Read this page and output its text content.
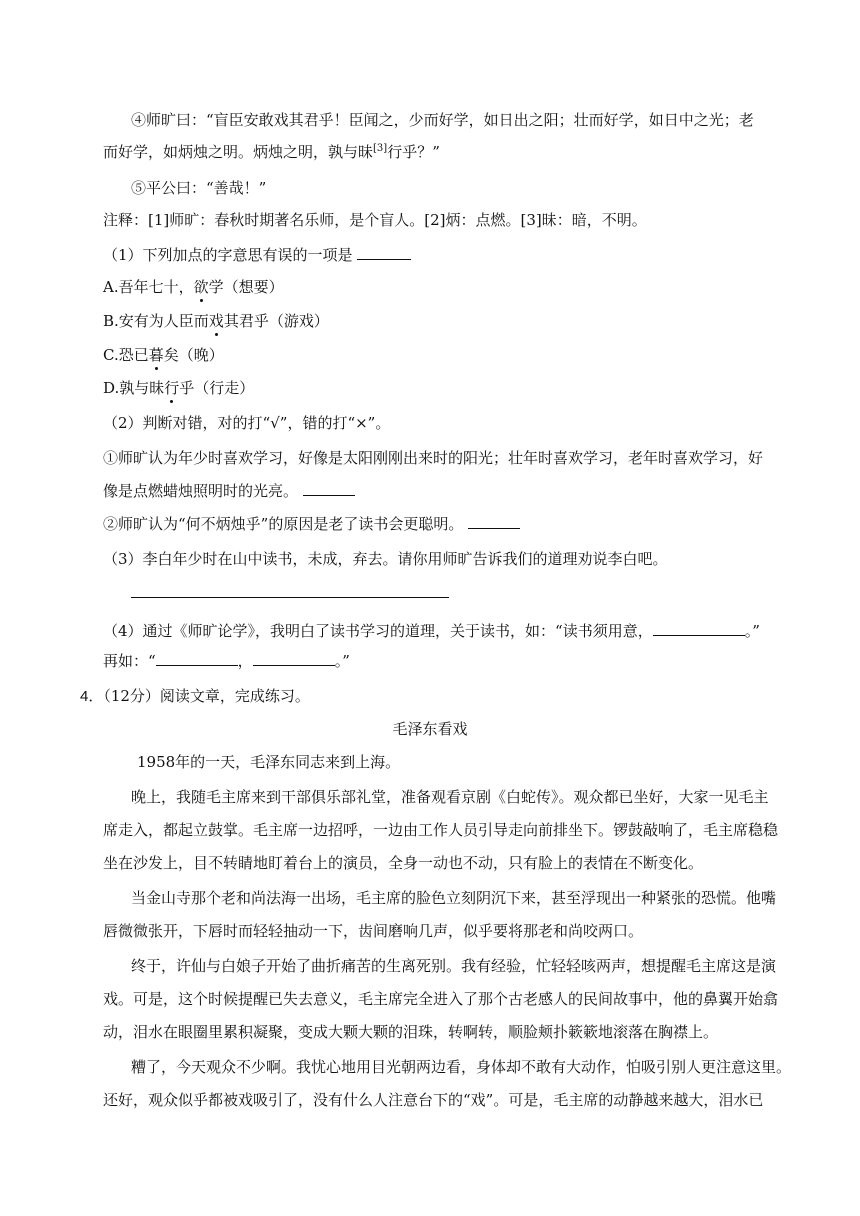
④师旷曰：“盲臣安敢戏其君乎！臣闻之，少而好学，如日出之阳；壮而好学，如日中之光；老
而好学，如炳烛之明。炳烛之明，孰与昧[3]行乎？”
⑤平公曰：“善哉！”
注释：[1]师旷：春秋时期著名乐师，是个盲人。[2]炳：点燃。[3]昧：暗，不明。
（1）下列加点的字意思有误的一项是
A.吾年七十，欲学（想要）
B.安有为人臣而戏其君乎（游戏）
C.恐已暮矣（晚）
D.孰与昧行乎（行走）
（2）判断对错，对的打“√”，错的打“×”。
①师旷认为年少时喜欢学习，好像是太阳刚刚出来时的阳光；壮年时喜欢学习，老年时喜欢学习，好
像是点燃蜡烛照明时的光亮。
②师旷认为“何不炳烛乎”的原因是老了读书会更聪明。
（3）李白年少时在山中读书，未成，弃去。请你用师旷告诉我们的道理劝说李白吧。
（4）通过《师旷论学》，我明白了读书学习的道理，关于读书，如：“读书须用意，	。”
再如：“	，	。”
4．（12分）阅读文章，完成练习。
毛泽东看戏
1958年的一天，毛泽东同志来到上海。
晚上，我随毛主席来到干部俱乐部礼堂，准备观看京剧《白蛇传》。观众都已坐好，大家一见毛主
席走入，都起立鼓掌。毛主席一边招呼，一边由工作人员引导走向前排坐下。锣鼓敲响了，毛主席稳稳
坐在沙发上，目不转睛地盯着台上的演员，全身一动也不动，只有脸上的表情在不断变化。
当金山寺那个老和尚法海一出场，毛主席的脸色立刻阴沉下来，甚至浮现出一种紧张的恐慌。他嘴
唇微微张开，下唇时而轻轻抽动一下，齿间磨响几声，似乎要将那老和尚咬两口。
终于，许仙与白娘子开始了曲折痛苦的生离死别。我有经验，忙轻轻咳两声，想提醒毛主席这是演
戏。可是，这个时候提醒已失去意义，毛主席完全进入了那个古老感人的民间故事中，他的鼻翼开始翕
动，泪水在眼圈里累积凝聚，变成大颗大颗的泪珠，转啊转，顺脸颊扑簌簌地滚落在胸襟上。
糟了，今天观众不少啊。我忧心地用目光朝两边看，身体却不敢有大动作，怕吸引别人更注意这里。
还好，观众似乎都被戏吸引了，没有什么人注意台下的“戏”。可是，毛主席的动静越来越大，泪水已
